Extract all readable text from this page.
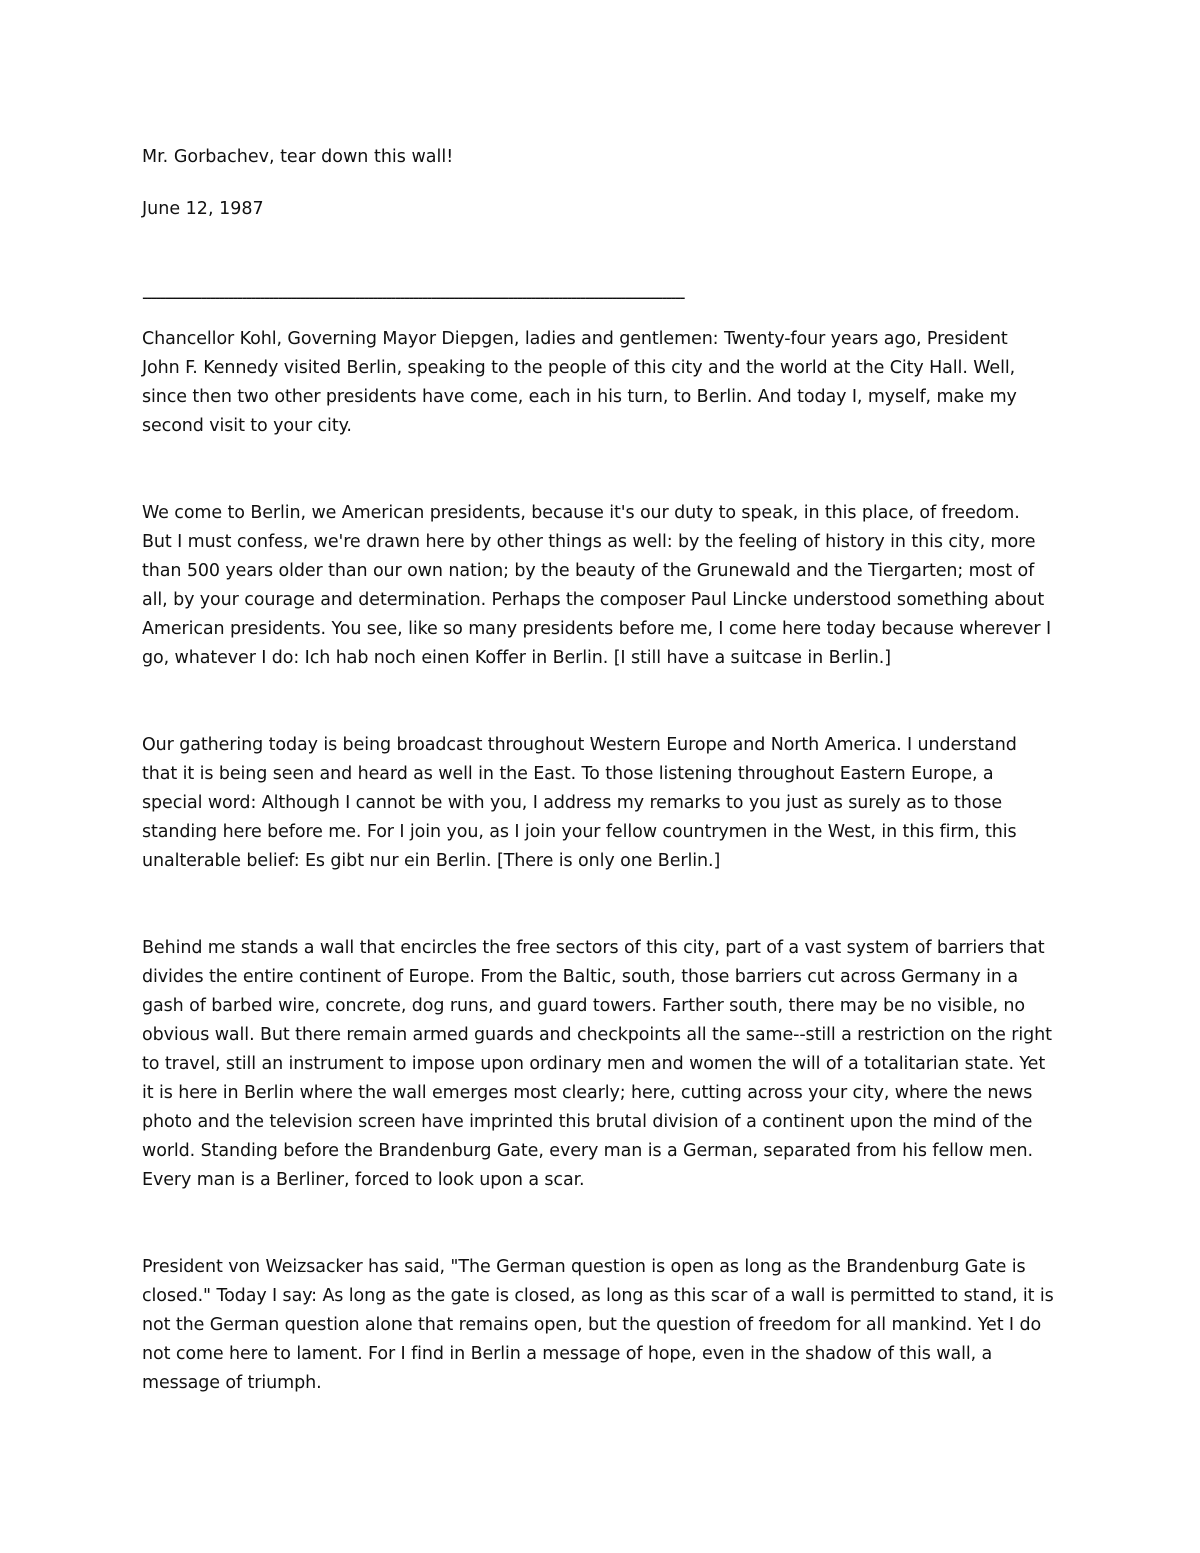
Mr. Gorbachev, tear down this wall!

June 12, 1987

------------------------------------------------------------------------------------------------------------------------
Chancellor Kohl, Governing Mayor Diepgen, ladies and gentlemen: Twenty-four years ago, President
John F. Kennedy visited Berlin, speaking to the people of this city and the world at the City Hall. Well,
since then two other presidents have come, each in his turn, to Berlin. And today I, myself, make my
second visit to your city.
We come to Berlin, we American presidents, because it's our duty to speak, in this place, of freedom.
But I must confess, we're drawn here by other things as well: by the feeling of history in this city, more
than 500 years older than our own nation; by the beauty of the Grunewald and the Tiergarten; most of
all, by your courage and determination. Perhaps the composer Paul Lincke understood something about
American presidents. You see, like so many presidents before me, I come here today because wherever I
go, whatever I do: Ich hab noch einen Koffer in Berlin. [I still have a suitcase in Berlin.]
Our gathering today is being broadcast throughout Western Europe and North America. I understand
that it is being seen and heard as well in the East. To those listening throughout Eastern Europe, a
special word: Although I cannot be with you, I address my remarks to you just as surely as to those
standing here before me. For I join you, as I join your fellow countrymen in the West, in this firm, this
unalterable belief: Es gibt nur ein Berlin. [There is only one Berlin.]
Behind me stands a wall that encircles the free sectors of this city, part of a vast system of barriers that
divides the entire continent of Europe. From the Baltic, south, those barriers cut across Germany in a
gash of barbed wire, concrete, dog runs, and guard towers. Farther south, there may be no visible, no
obvious wall. But there remain armed guards and checkpoints all the same--still a restriction on the right
to travel, still an instrument to impose upon ordinary men and women the will of a totalitarian state. Yet
it is here in Berlin where the wall emerges most clearly; here, cutting across your city, where the news
photo and the television screen have imprinted this brutal division of a continent upon the mind of the
world. Standing before the Brandenburg Gate, every man is a German, separated from his fellow men.
Every man is a Berliner, forced to look upon a scar.
President von Weizsacker has said, "The German question is open as long as the Brandenburg Gate is
closed." Today I say: As long as the gate is closed, as long as this scar of a wall is permitted to stand, it is
not the German question alone that remains open, but the question of freedom for all mankind. Yet I do
not come here to lament. For I find in Berlin a message of hope, even in the shadow of this wall, a
message of triumph.
